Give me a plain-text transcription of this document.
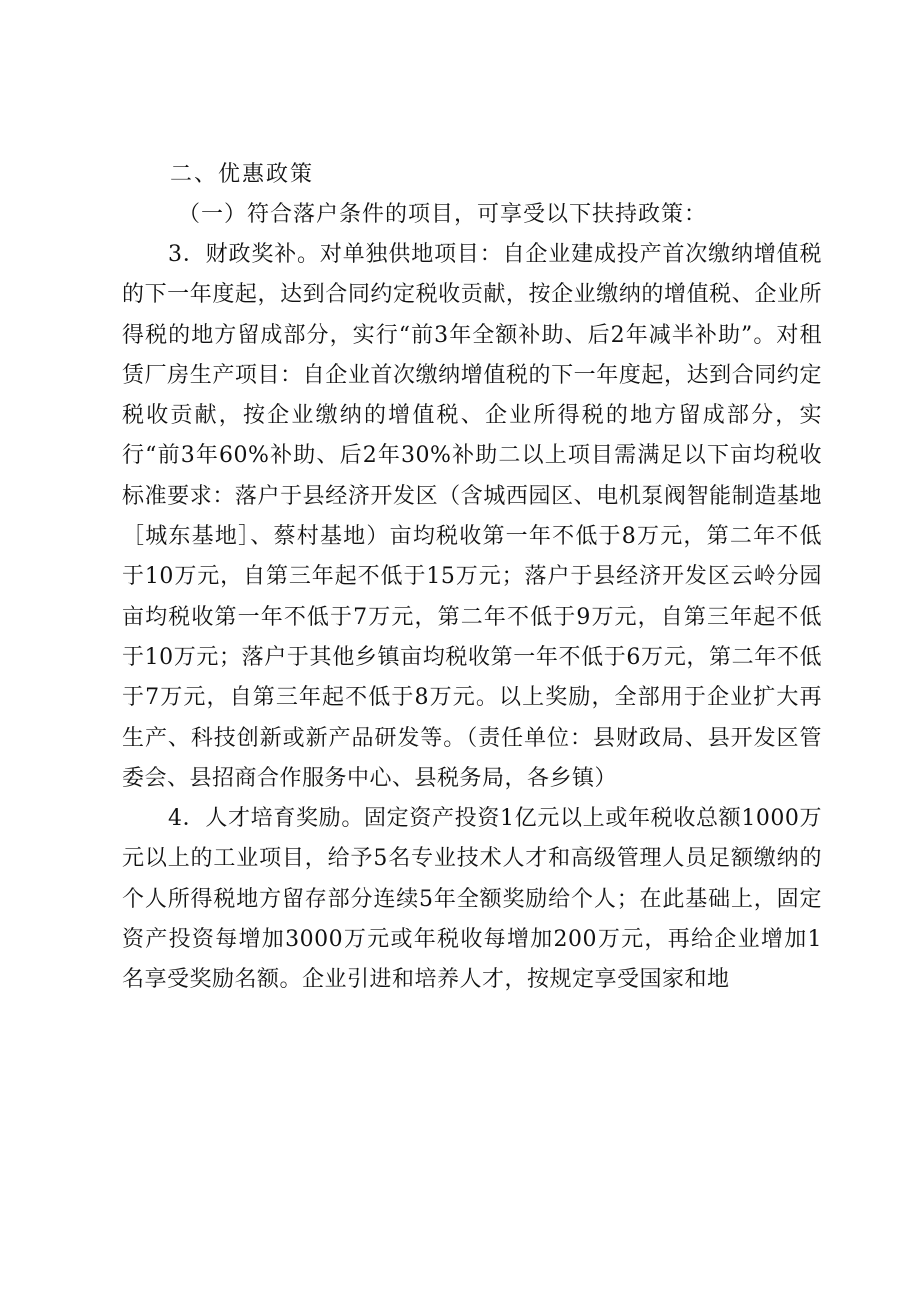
二、优惠政策
（一）符合落户条件的项目，可享受以下扶持政策：

3．财政奖补。对单独供地项目：自企业建成投产首次缴纳增值税的下一年度起，达到合同约定税收贡献，按企业缴纳的增值税、企业所得税的地方留成部分，实行“前3年全额补助、后2年减半补助”。对租赁厂房生产项目：自企业首次缴纳增值税的下一年度起，达到合同约定税收贡献，按企业缴纳的增值税、企业所得税的地方留成部分，实行“前3年60%补助、后2年30%补助二以上项目需满足以下亩均税收标准要求：落户于县经济开发区（含城西园区、电机泵阀智能制造基地［城东基地］、蔡村基地）亩均税收第一年不低于8万元，第二年不低于10万元，自第三年起不低于15万元；落户于县经济开发区云岭分园亩均税收第一年不低于7万元，第二年不低于9万元，自第三年起不低于10万元；落户于其他乡镇亩均税收第一年不低于6万元，第二年不低于7万元，自第三年起不低于8万元。以上奖励，全部用于企业扩大再生产、科技创新或新产品研发等。（责任单位：县财政局、县开发区管委会、县招商合作服务中心、县税务局，各乡镇）

4．人才培育奖励。固定资产投资1亿元以上或年税收总额1000万元以上的工业项目，给予5名专业技术人才和高级管理人员足额缴纳的个人所得税地方留存部分连续5年全额奖励给个人；在此基础上，固定资产投资每增加3000万元或年税收每增加200万元，再给企业增加1名享受奖励名额。企业引进和培养人才，按规定享受国家和地
